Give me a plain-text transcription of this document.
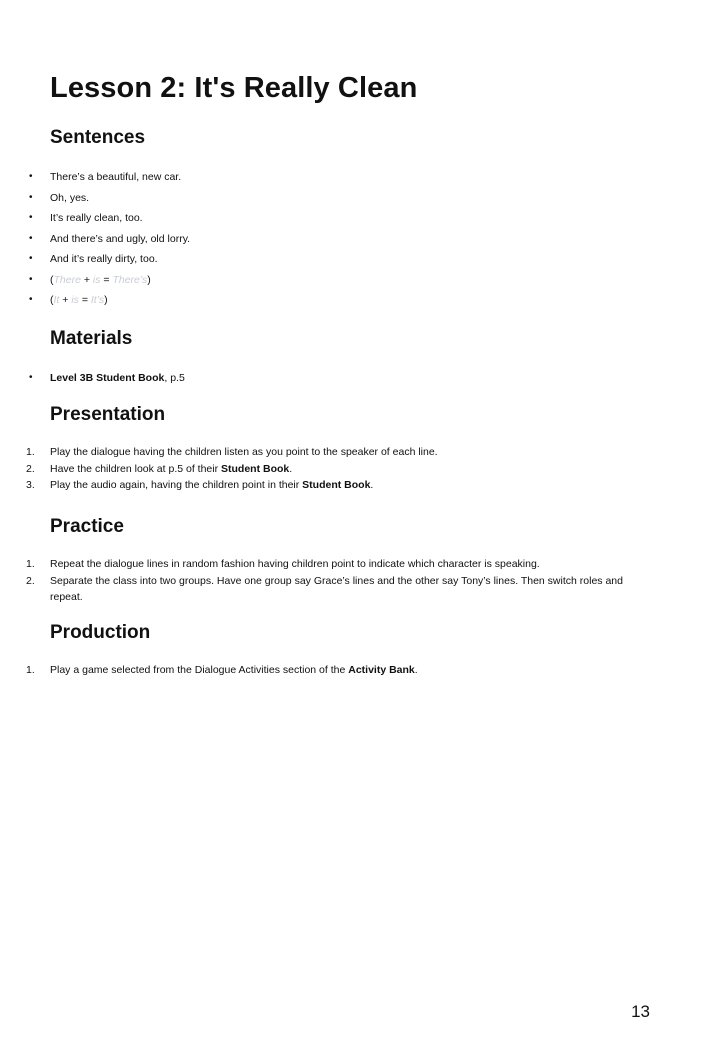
Lesson 2: It's Really Clean
Sentences
• There’s a beautiful, new car.
• Oh, yes.
• It’s really clean, too.
• And there’s and ugly, old lorry.
• And it’s really dirty, too.
• (There + is = There’s)
• (It + is = It’s)
Materials
• Level 3B Student Book, p.5
Presentation
1. Play the dialogue having the children listen as you point to the speaker of each line.
2. Have the children look at p.5 of their Student Book.
3. Play the audio again, having the children point in their Student Book.
Practice
1. Repeat the dialogue lines in random fashion having children point to indicate which character is speaking.
2. Separate the class into two groups. Have one group say Grace’s lines and the other say Tony’s lines. Then switch roles and repeat.
Production
1. Play a game selected from the Dialogue Activities section of the Activity Bank.
13
